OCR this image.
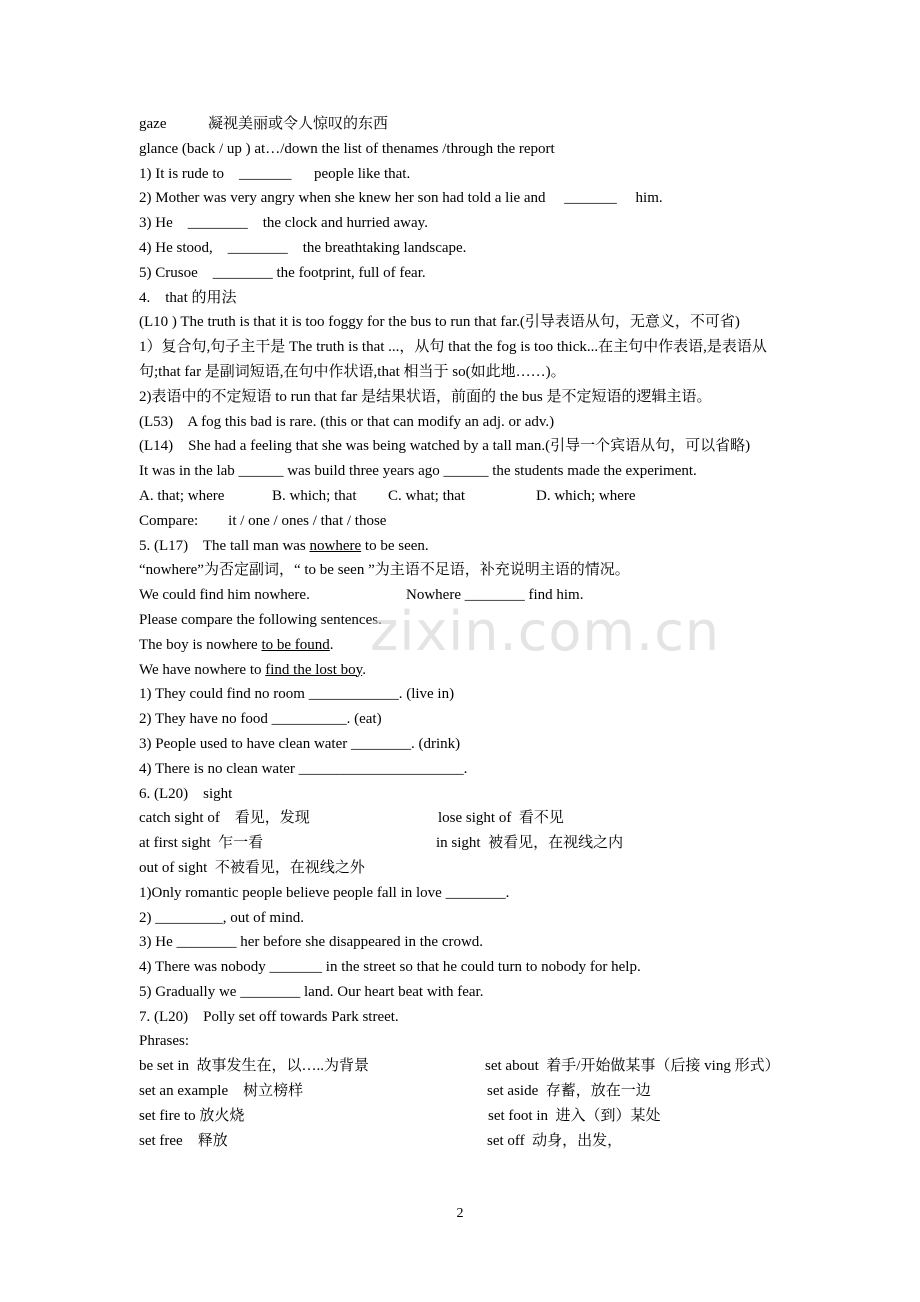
gaze	凝视美丽或令人惊叹的东西
glance (back / up ) at…/down the list of thenames /through the report
1) It is rude to    _______      people like that.
2) Mother was very angry when she knew her son had told a lie and     _______     him.
3) He    ________    the clock and hurried away.
4) He stood,    ________    the breathtaking landscape.
5) Crusoe    ________ the footprint, full of fear.
4.    that 的用法
(L10 ) The truth is that it is too foggy for the bus to run that far.(引导表语从句，无意义，不可省)
1）复合句,句子主干是 The truth is that ...，从句 that the fog is too thick...在主句中作表语,是表语从句;that far 是副词短语,在句中作状语,that 相当于 so(如此地……)。
2)表语中的不定短语 to run that far 是结果状语，前面的 the bus 是不定短语的逻辑主语。
(L53)    A fog this bad is rare. (this or that can modify an adj. or adv.)
(L14)    She had a feeling that she was being watched by a tall man.(引导一个宾语从句，可以省略)
It was in the lab ______ was build three years ago ______ the students made the experiment.
A. that; where	B. which; that C. what; that	D. which; where
Compare:        it / one / ones / that / those
5. (L17)    The tall man was nowhere to be seen.
“nowhere”为否定副词，“ to be seen ”为主语不足语，补充说明主语的情况。
We could find him nowhere.	Nowhere ________ find him.
Please compare the following sentences.
The boy is nowhere to be found.
We have nowhere to find the lost boy.
1) They could find no room ____________. (live in)
2) They have no food __________. (eat)
3) People used to have clean water ________. (drink)
4) There is no clean water ______________________.
6. (L20)    sight
catch sight of    看见，发现	lose sight of  看不见
at first sight  乍一看	in sight  被看见，在视线之内
out of sight  不被看见，在视线之外
1)Only romantic people believe people fall in love ________.
2) _________, out of mind.
3) He ________ her before she disappeared in the crowd.
4) There was nobody _______ in the street so that he could turn to nobody for help.
5) Gradually we ________ land. Our heart beat with fear.
7. (L20)    Polly set off towards Park street.
Phrases:
be set in  故事发生在，以…..为背景	set about  着手/开始做某事（后接 ving 形式）
set an example    树立榜样	set aside  存蓄，放在一边
set fire to 放火烧	set foot in  进入（到）某处
set free    释放	set off  动身，出发，
zixin.com.cn
2
